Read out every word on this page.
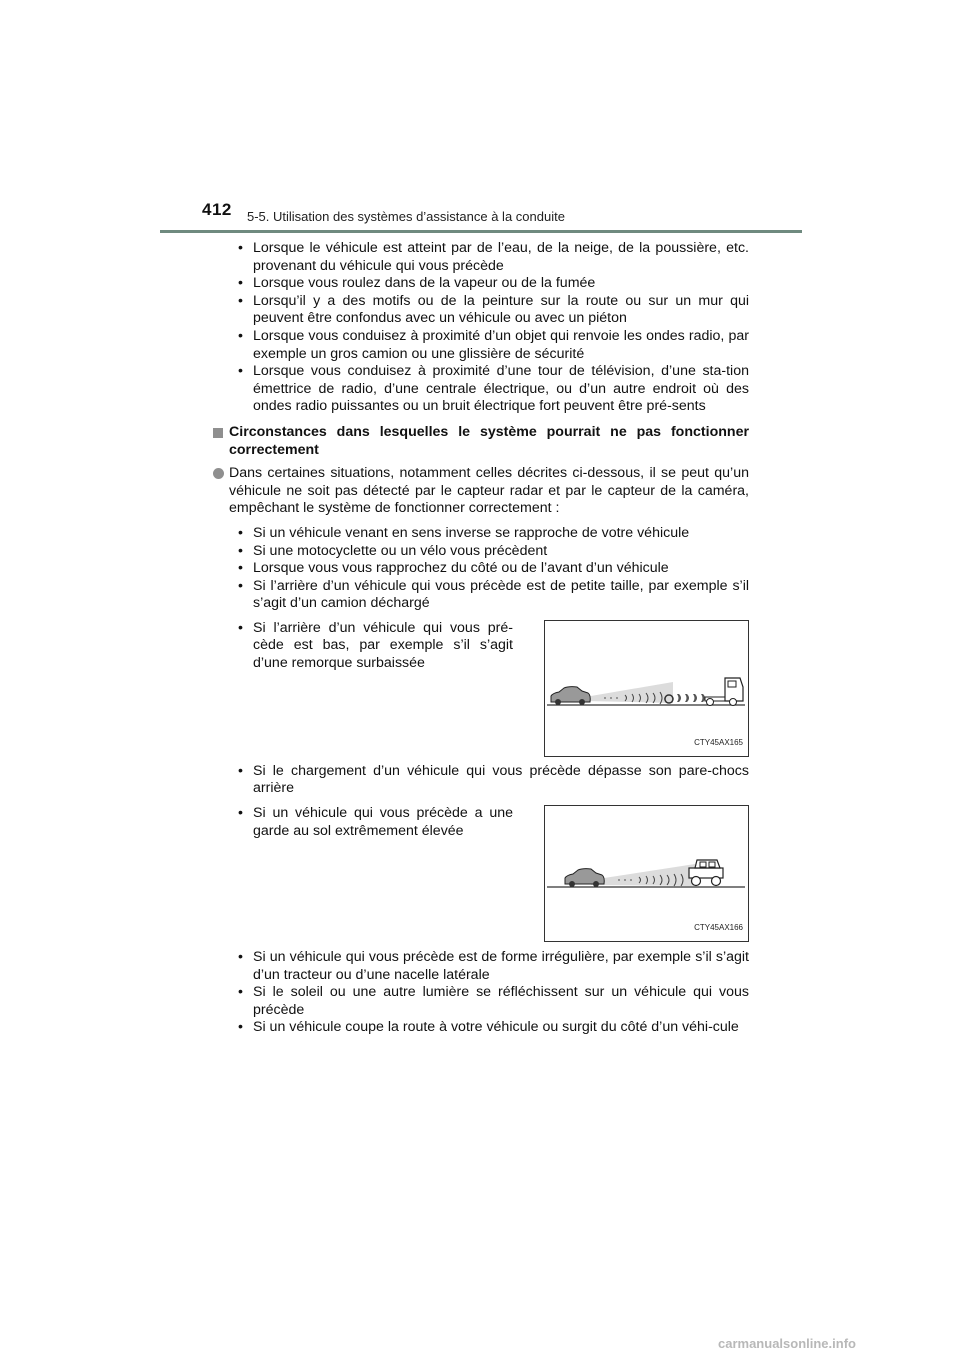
412 5-5. Utilisation des systèmes d’assistance à la conduite
• Lorsque le véhicule est atteint par de l’eau, de la neige, de la poussière, etc. provenant du véhicule qui vous précède
• Lorsque vous roulez dans de la vapeur ou de la fumée
• Lorsqu’il y a des motifs ou de la peinture sur la route ou sur un mur qui peuvent être confondus avec un véhicule ou avec un piéton
• Lorsque vous conduisez à proximité d’un objet qui renvoie les ondes radio, par exemple un gros camion ou une glissière de sécurité
• Lorsque vous conduisez à proximité d’une tour de télévision, d’une sta-tion émettrice de radio, d’une centrale électrique, ou d’un autre endroit où des ondes radio puissantes ou un bruit électrique fort peuvent être pré-sents
Circonstances dans lesquelles le système pourrait ne pas fonctionner correctement
Dans certaines situations, notamment celles décrites ci-dessous, il se peut qu’un véhicule ne soit pas détecté par le capteur radar et par le capteur de la caméra, empêchant le système de fonctionner correctement :
• Si un véhicule venant en sens inverse se rapproche de votre véhicule
• Si une motocyclette ou un vélo vous précèdent
• Lorsque vous vous rapprochez du côté ou de l’avant d’un véhicule
• Si l’arrière d’un véhicule qui vous précède est de petite taille, par exemple s’il s’agit d’un camion déchargé
• Si l’arrière d’un véhicule qui vous pré-cède est bas, par exemple s’il s’agit d’une remorque surbaissée
CTY45AX165
• Si le chargement d’un véhicule qui vous précède dépasse son pare-chocs arrière
• Si un véhicule qui vous précède a une garde au sol extrêmement élevée
CTY45AX166
• Si un véhicule qui vous précède est de forme irrégulière, par exemple s’il s’agit d’un tracteur ou d’une nacelle latérale
• Si le soleil ou une autre lumière se réfléchissent sur un véhicule qui vous précède
• Si un véhicule coupe la route à votre véhicule ou surgit du côté d’un véhi-cule
carmanualsonline.info
